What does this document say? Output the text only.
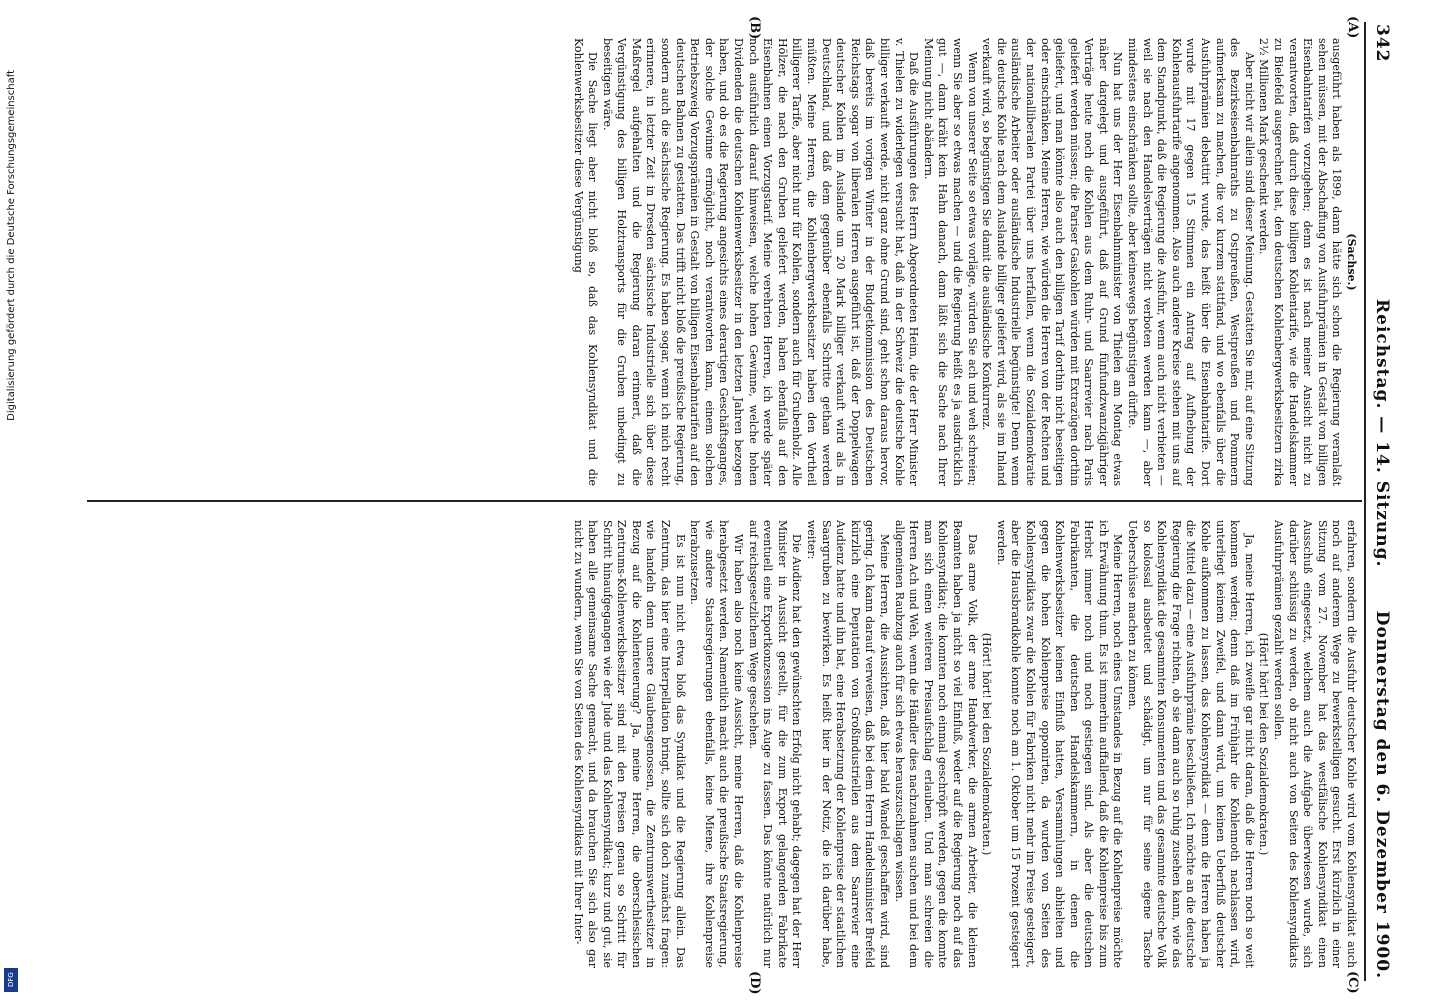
342
Reichstag. — 14. Sitzung.
Donnerstag den 6. Dezember 1900.
(A)
(B)
(C)
(D)

(Sachse.)

ausgeführt haben als 1899, dann hätte sich schon die Regierung veranlaßt sehen müssen, mit der Abschaffung von Ausfuhrprämien in Gestalt von billigen Eisenbahntarifen vorzugehen; denn es ist nach meiner Ansicht nicht zu verantworten, daß durch diese billigen Kohlentarife, wie die Handelskammer zu Bielefeld ausgerechnet hat, den deutschen Kohlenbergwerksbesitzern zirka 2½ Millionen Mark geschenkt werden.

Aber nicht wir allein sind dieser Meinung. Gestatten Sie mir, auf eine Sitzung des Bezirkseisenbahnraths zu Ostpreußen, Westpreußen und Pommern aufmerksam zu machen, die vor kurzem stattfand, und wo ebenfalls über die Ausfuhrprämien debattirt wurde, das heißt über die Eisenbahntarife. Dort wurde mit 17 gegen 15 Stimmen ein Antrag auf Aufhebung der Kohlenausfuhrtarife angenommen. Also auch andere Kreise stehen mit uns auf dem Standpunkt, daß die Regierung die Ausfuhr, wenn auch nicht verbieten — weil sie nach den Handelsverträgen nicht verboten werden kann —, aber mindestens einschränken sollte, aber keineswegs begünstigen dürfte.

Nun hat uns der Herr Eisenbahnminister von Thielen am Montag etwas näher dargelegt und ausgeführt, daß auf Grund fünfundzwanzigjähriger Verträge heute noch die Kohlen aus dem Ruhr- und Saarrevier nach Paris geliefert werden müssen; die Pariser Gaskohlen würden mit Extrazügen dorthin geliefert, und man könnte also auch den billigen Tarif dorthin nicht beseitigen oder einschränken. Meine Herren, wie würden die Herren von der Rechten und der nationalliberalen Partei über uns herfallen, wenn die Sozialdemokratie ausländische Arbeiter oder ausländische Industrielle begünstigte! Denn wenn die deutsche Kohle nach dem Auslande billiger geliefert wird, als sie im Inland verkauft wird, so begünstigen Sie damit die ausländische Konkurrenz.

Wenn von unserer Seite so etwas vorläge, würden Sie ach und weh schreien; wenn Sie aber so etwas machen — und die Regierung heißt es ja ausdrücklich gut —, dann kräht kein Hahn danach, dann läßt sich die Sache nach Ihrer Meinung nicht abändern.

Daß die Ausführungen des Herrn Abgeordneten Heim, die der Herr Minister v. Thielen zu widerlegen versucht hat, daß in der Schweiz die deutsche Kohle billiger verkauft werde, nicht ganz ohne Grund sind, geht schon daraus hervor, daß bereits im vorigen Winter in der Budgetkommission des Deutschen Reichstags sogar von liberalen Herren ausgeführt ist, daß der Doppelwagen deutscher Kohlen im Auslande um 20 Mark billiger verkauft wird als in Deutschland, und daß dem gegenüber ebenfalls Schritte gethan werden müßten. Meine Herren, die Kohlenbergwerksbesitzer haben den Vortheil billigerer Tarife, aber nicht nur für Kohlen, sondern auch für Grubenholz. Alle Hölzer, die nach den Gruben geliefert werden, haben ebenfalls auf den Eisenbahnen einen Vorzugstarif. Meine verehrten Herren, ich werde später noch ausführlich darauf hinweisen, welche hohen Gewinne, welche hohen Dividenden die deutschen Kohlenwerksbesitzer in den letzten Jahren bezogen haben, und ob es die Regierung angesichts eines derartigen Geschäftsganges, der solche Gewinne ermöglicht, noch verantworten kann, einem solchen Betriebszweig Vorzugsprämien in Gestalt von billigen Eisenbahntarifen auf den deutschen Bahnen zu gestatten. Das trifft nicht bloß die preußische Regierung, sondern auch die sächsische Regierung. Es haben sogar, wenn ich mich recht erinnere, in letzter Zeit in Dresden sächsische Industrielle sich über diese Maßregel aufgehalten und die Regierung daran erinnert, daß die Vergünstigung des billigen Holztransports für die Gruben unbedingt zu beseitigen wäre.

Die Sache liegt aber nicht bloß so, daß das Kohlensyndikat und die Kohlenwerksbesitzer diese Vergünstigung

erfahren, sondern die Ausfuhr deutscher Kohle wird vom Kohlensyndikat auch noch auf anderem Wege zu bewerkstelligen gesucht. Erst kürzlich in einer Sitzung vom 27. November hat das westfälische Kohlensyndikat einen Ausschuß eingesetzt, welchem auch die Aufgabe überwiesen wurde, sich darüber schlüssig zu werden, ob nicht auch von Seiten des Kohlensyndikats Ausfuhrprämien gezahlt werden sollen.

(Hört! hört! bei den Sozialdemokraten.)

Ja, meine Herren, ich zweifle gar nicht daran, daß die Herren noch so weit kommen werden; denn daß im Frühjahr die Kohlennoth nachlassen wird, unterliegt keinem Zweifel, und dann wird, um keinen Ueberfluß deutscher Kohle aufkommen zu lassen, das Kohlensyndikat — denn die Herren haben ja die Mittel dazu — eine Ausfuhrprämie beschließen. Ich möchte an die deutsche Regierung die Frage richten, ob sie dann auch so ruhig zusehen kann, wie das Kohlensyndikat die gesammten Konsumenten und das gesammte deutsche Volk so kolossal ausbeutet und schädigt, um nur für seine eigene Tasche Ueberschüsse machen zu können.

Meine Herren, noch eines Umstandes in Bezug auf die Kohlenpreise möchte ich Erwähnung thun. Es ist immerhin auffallend, daß die Kohlenpreise bis zum Herbst immer noch und noch gestiegen sind. Als aber die deutschen Fabrikanten, die deutschen Handelskammern, in denen die Kohlenwerksbesitzer keinen Einfluß hatten, Versammlungen abhielten und gegen die hohen Kohlenpreise opponirten, da wurden von Seiten des Kohlensyndikats zwar die Kohlen für Fabriken nicht mehr im Preise gesteigert, aber die Hausbrandkohle konnte noch am 1. Oktober um 15 Prozent gesteigert werden.

(Hört! hört! bei den Sozialdemokraten.)

Das arme Volk, der arme Handwerker, die armen Arbeiter, die kleinen Beamten haben ja nicht so viel Einfluß, weder auf die Regierung noch auf das Kohlensyndikat; die konnten noch einmal geschröpft werden, gegen die konnte man sich einen weiteren Preisaufschlag erlauben. Und man schreien die Herren Ach und Weh, wenn die Händler dies nachzuahmen suchen und bei dem allgemeinen Raubzug auch für sich etwas herauszuschlagen wissen.

Meine Herren, die Aussichten, daß hier bald Wandel geschaffen wird, sind gering. Ich kann darauf verweisen, daß bei dem Herrn Handelsminister Brefeld kürzlich eine Deputation von Großindustriellen aus dem Saarrevier eine Audienz hatte und ihn bat, eine Herabsetzung der Kohlenpreise der staatlichen Saargruben zu bewirken. Es heißt hier in der Notiz, die ich darüber habe, weiter:

Die Audienz hat den gewünschten Erfolg nicht gehabt; dagegen hat der Herr Minister in Aussicht gestellt, für die zum Export gelangenden Fabrikate eventuell eine Exportkonzession ins Auge zu fassen. Das könnte natürlich nur auf reichsgesetzlichem Wege geschehen.

Wir haben also noch keine Aussicht, meine Herren, daß die Kohlenpreise herabgesetzt werden. Namentlich macht auch die preußische Staatsregierung, wie andere Staatsregierungen ebenfalls, keine Miene, ihre Kohlenpreise herabzusetzen.

Es ist nun nicht etwa bloß das Syndikat und die Regierung allein. Das Zentrum, das hier eine Interpellation bringt, sollte sich doch zunächst fragen: wie handeln denn unsere Glaubensgenossen, die Zentrumswerthesitzer in Bezug auf die Kohlenteuerung? Ja, meine Herren, die oberschlesischen Zentrums-Kohlenwerksbesitzer sind mit den Preisen genau so Schritt für Schritt hinaufgegangen wie der Jude und das Kohlensyndikat; kurz und gut, sie haben alle gemeinsame Sache gemacht, und da brauchen Sie sich also gar nicht zu wundern, wenn Sie von Seiten des Kohlensyndikats mit Ihrer Inter-

Digitalisierung gefördert durch die Deutsche Forschungsgemeinschaft
DFG
